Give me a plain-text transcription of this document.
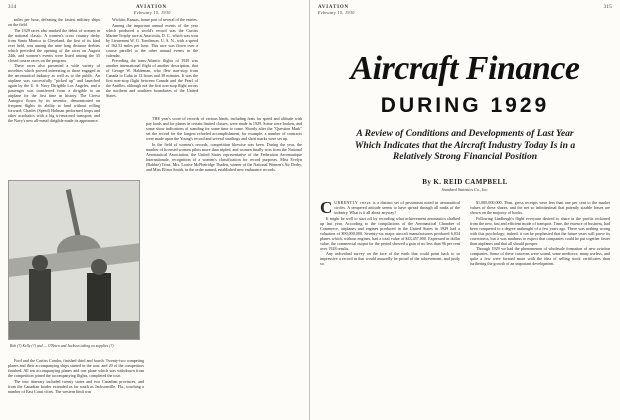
314	AVIATION
February 15, 1930

miles per hour, defeating the fastest military ships on the field.

The 1929 races also marked the debut of women in the national classic. A women's cross country derby from Santa Monica to Cleveland, the first of its kind ever held, was among the nine long distance derbies which preceded the opening of the races on August 24th, and women's events were listed among the 35 closed course races on the program.

These races also presented a wide variety of novelties which proved interesting to those engaged in the aeronautical industry as well as to the public. An airplane was successfully "picked up" and launched again by the U. S. Navy Dirigible Los Angeles, and a passenger was transferred from a dirigible to an airplane for the first time in history. The Cierva Autogiro flown by its inventor, demonstrated on frequent flights its ability to land without rolling forward; Charles (Speed) Holman performed loops and other acrobatics with a big tri-motored transport; and the Navy's new all-metal dirigible made its appearance.

Wichita, Kansas, home port of several of the entries.

Among the important annual events of the year which produced a world's record was the Curtiss Marine Trophy race at Anacostia, D. C., which was won by Lieutenant W. G. Tomlinson, U. S. N., with a speed of 162.52 miles per hour. This race was flown over a course parallel to the other annual events in the calendar.

Preceding the trans-Atlantic flights of 1929 was another international flight of another description, that of George W. Haldeman, who flew non-stop from Canada to Cuba in 12 hours and 30 minutes. It was the first non-stop flight between Canada and the Pearl of the Antilles, although not the first non-stop flight across the northern and southern boundaries of the United States.

THE year's score of records of various kinds, including feats for speed and altitude with pay loads and for planes in certain limited classes, were made in 1929. Some were broken, and some show indications of standing for some time to come. Shortly after the "Question Mark" set the record for the longest refueled accomplishment, for example, a number of contracts were made upon the Young's record and several startlings and short marks were set up.

In the field of women's records, competition likewise was keen. During the year, the number of licensed women pilots more than tripled, and women finally won from the National Aeronautical Association, the United States representative of the Federation Aeronautique Internationale, recognition of a women's classification for record purposes. Miss Evelyn (Bobbie) Trout, Mrs. Louise McPhetridge Thaden, winner of the National Women's Air Derby, and Miss Elinor Smith, in the order named, established new endurance records.

Bob (?) Kelly (?) and — O'Brien and Jackson taking on supplies (?)

Ford and the Curtiss Condor, finished third and fourth. Twenty-two competing planes and their accompanying ships started in the tour, and 20 of the competitors finished. All ten accompanying planes and one plane which was withdrawn from the competition joined the accompanying flights, completed the tour.

The tour itinerary included twenty states and two Canadian provinces, and from the Canadian border extended as far south as Jacksonville, Fla., touching a number of East Coast cities. The western limit was

AVIATION
February 15, 1930
315
Aircraft Finance
DURING 1929
A Review of Conditions and Developments of Last Year Which Indicates that the Aircraft Industry Today Is in a Relatively Strong Financial Position
By K. REID CAMPBELL
Standard Statistics Co., Inc.

CURRENTLY there is a distinct set of pessimism noted in aeronautical circles. A tempered attitude seems to have spread through all ranks of the industry. What is it all about anyway?

It might be well to start off by recording what achievement aeronautics chalked up last year. According to the compilations of the Aeronautical Chamber of Commerce, airplanes and engines produced in the United States in 1929 had a valuation of $90,000,000. Seventy-six major aircraft manufacturers produced 6,034 planes which, without engines, had a total value of $43,457,000. Expressed in dollar value, the commercial output for the period showed a gain of no less than 96 per cent over 1928 results.

Any individual survey on the face of the earth that could point back to so impressive a record in that would assuredly be proud of the achievement, and justly so.

$1,000,000,000. Thus, gross receipts were less than one per cent to the market values of these shares, and the net so infinitesimal that patently sizable losses are shown on the majority of books.

Following Lindbergh's flight everyone desired to share in the profits reckoned from the new, fast and efficient mode of transport. Time, the essence of business, had been conquered to a degree unthought of a few years ago. There was nothing wrong with this psychology; indeed, it can be prophesied that the future years will prove its correctness, but it was madness to expect that companies could be put together faster than airplanes and that all should prosper.

Through 1929 we had the phenomenon of wholesale formation of new aviation companies. Some of these concerns were sound, some mediocre, many useless, and quite a few were formed more with the idea of selling stock certificates than furthering the growth of an important development.
